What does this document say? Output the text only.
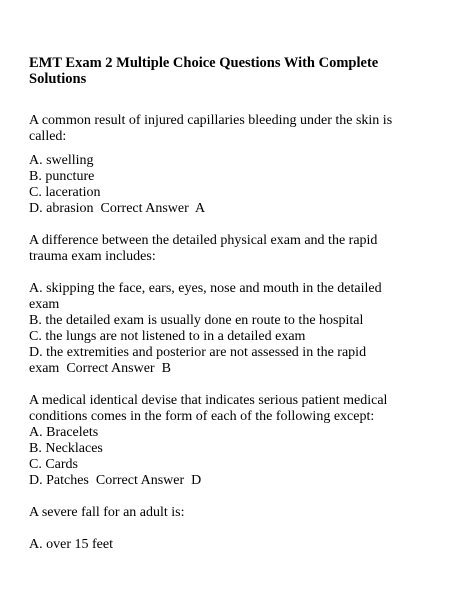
EMT Exam 2 Multiple Choice Questions With Complete
Solutions
A common result of injured capillaries bleeding under the skin is
called:
A. swelling
B. puncture
C. laceration
D. abrasion  Correct Answer  A
A difference between the detailed physical exam and the rapid
trauma exam includes:
A. skipping the face, ears, eyes, nose and mouth in the detailed
exam
B. the detailed exam is usually done en route to the hospital
C. the lungs are not listened to in a detailed exam
D. the extremities and posterior are not assessed in the rapid
exam  Correct Answer  B
A medical identical devise that indicates serious patient medical
conditions comes in the form of each of the following except:
A. Bracelets
B. Necklaces
C. Cards
D. Patches  Correct Answer  D
A severe fall for an adult is:
A. over 15 feet
